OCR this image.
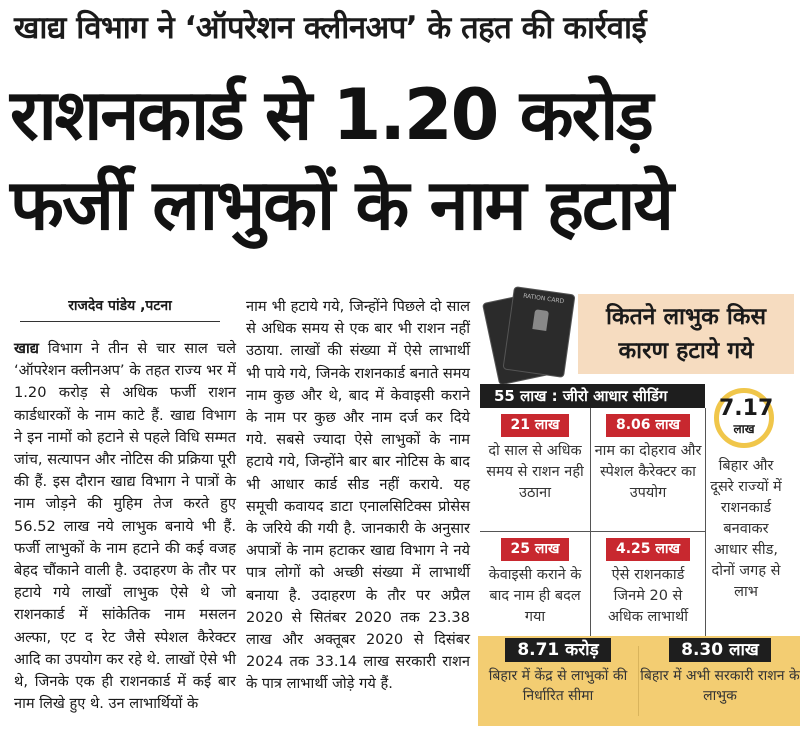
खाद्य विभाग ने ‘ऑपरेशन क्लीनअप’ के तहत की कार्रवाई
राशनकार्ड से 1.20 करोड़
फर्जी लाभुकों के नाम हटाये
राजदेव पांडेय ,पटना
खाद्य विभाग ने तीन से चार साल चले ‘ऑपरेशन क्लीनअप’ के तहत राज्य भर में 1.20 करोड़ से अधिक फर्जी राशन कार्डधारकों के नाम काटे हैं. खाद्य विभाग ने इन नामों को हटाने से पहले विधि सम्मत जांच, सत्यापन और नोटिस की प्रक्रिया पूरी की हैं. इस दौरान खाद्य विभाग ने पात्रों के नाम जोड़ने की मुहिम तेज करते हुए 56.52 लाख नये लाभुक बनाये भी हैं. फर्जी लाभुकों के नाम हटाने की कई वजह बेहद चौंकाने वाली है. उदाहरण के तौर पर हटाये गये लाखों लाभुक ऐसे थे जो राशनकार्ड में सांकेतिक नाम मसलन अल्फा, एट द रेट जैसे स्पेशल कैरेक्टर आदि का उपयोग कर रहे थे. लाखों ऐसे भी थे, जिनके एक ही राशनकार्ड में कई बार नाम लिखे हुए थे. उन लाभार्थियों के
नाम भी हटाये गये, जिन्होंने पिछले दो साल से अधिक समय से एक बार भी राशन नहीं उठाया. लाखों की संख्या में ऐसे लाभार्थी भी पाये गये, जिनके राशनकार्ड बनाते समय नाम कुछ और थे, बाद में केवाइसी कराने के नाम पर कुछ और नाम दर्ज कर दिये गये. सबसे ज्यादा ऐसे लाभुकों के नाम हटाये गये, जिन्होंने बार बार नोटिस के बाद भी आधार कार्ड सीड नहीं कराये. यह समूची कवायद डाटा एनालसिटिक्स प्रोसेस के जरिये की गयी है. जानकारी के अनुसार अपात्रों के नाम हटाकर खाद्य विभाग ने नये पात्र लोगों को अच्छी संख्या में लाभार्थी बनाया है. उदाहरण के तौर पर अप्रैल 2020 से सितंबर 2020 तक 23.38 लाख और अक्तूबर 2020 से दिसंबर 2024 तक 33.14 लाख सरकारी राशन के पात्र लाभार्थी जोड़े गये हैं.
RATION CARD
कितने लाभुक किस
कारण हटाये गये
55 लाख : जीरो आधार सीडिंग
21 लाख
दो साल से अधिक समय से राशन नही उठाना
8.06 लाख
नाम का दोहराव और स्पेशल कैरेक्टर का उपयोग
25 लाख
केवाइसी कराने के बाद नाम ही बदल गया
4.25 लाख
ऐसे राशनकार्ड जिनमे 20 से अधिक लाभार्थी
7.17
लाख
बिहार और दूसरे राज्यों में राशनकार्ड बनवाकर आधार सीड, दोनों जगह से लाभ
8.71 करोड़
बिहार में केंद्र से लाभुकों की निर्धारित सीमा
8.30 लाख
बिहार में अभी सरकारी राशन के लाभुक
